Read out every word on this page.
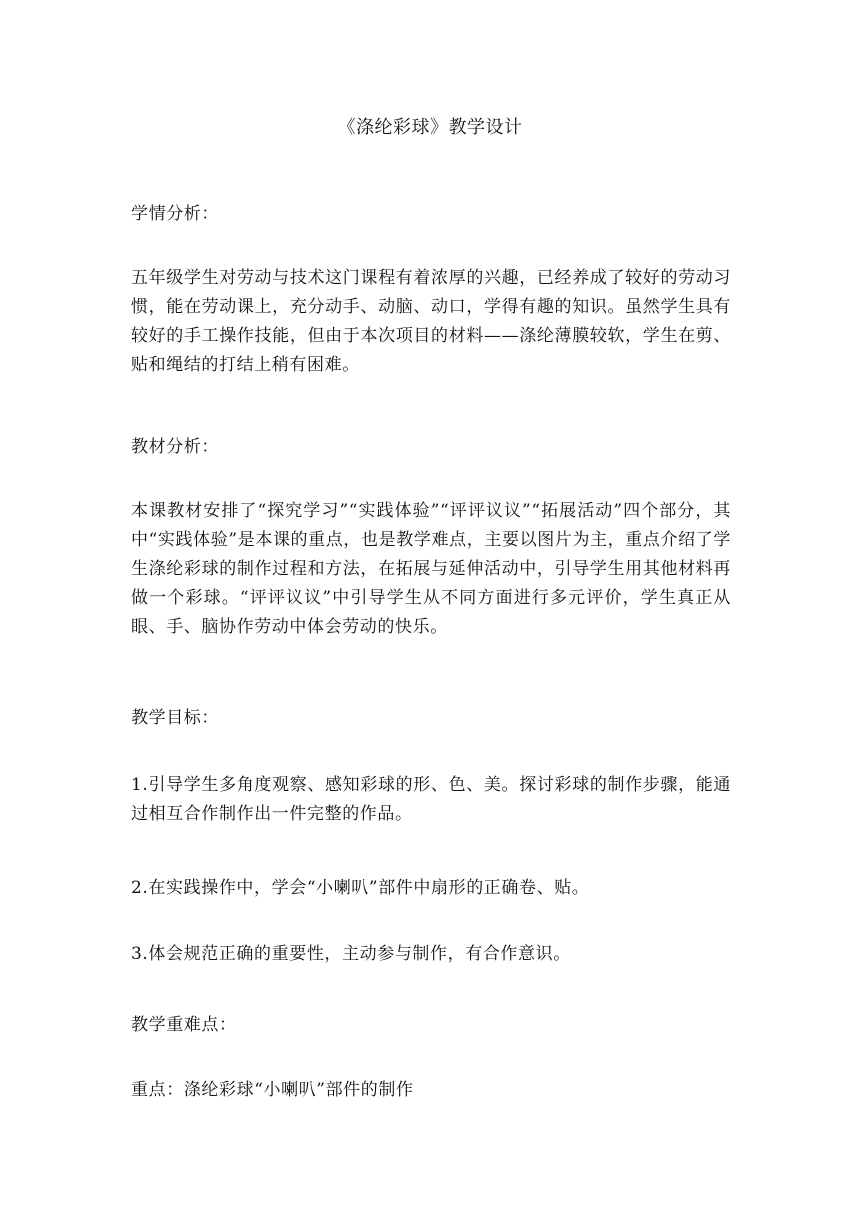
《涤纶彩球》教学设计
学情分析：
五年级学生对劳动与技术这门课程有着浓厚的兴趣，已经养成了较好的劳动习惯，能在劳动课上，充分动手、动脑、动口，学得有趣的知识。虽然学生具有较好的手工操作技能，但由于本次项目的材料——涤纶薄膜较软，学生在剪、贴和绳结的打结上稍有困难。
教材分析：
本课教材安排了“探究学习”“实践体验”“评评议议”“拓展活动”四个部分，其中“实践体验”是本课的重点，也是教学难点，主要以图片为主，重点介绍了学生涤纶彩球的制作过程和方法，在拓展与延伸活动中，引导学生用其他材料再做一个彩球。“评评议议”中引导学生从不同方面进行多元评价，学生真正从眼、手、脑协作劳动中体会劳动的快乐。
教学目标：
1.引导学生多角度观察、感知彩球的形、色、美。探讨彩球的制作步骤，能通过相互合作制作出一件完整的作品。
2.在实践操作中，学会“小喇叭”部件中扇形的正确卷、贴。
3.体会规范正确的重要性，主动参与制作，有合作意识。
教学重难点：
重点：涤纶彩球“小喇叭”部件的制作
